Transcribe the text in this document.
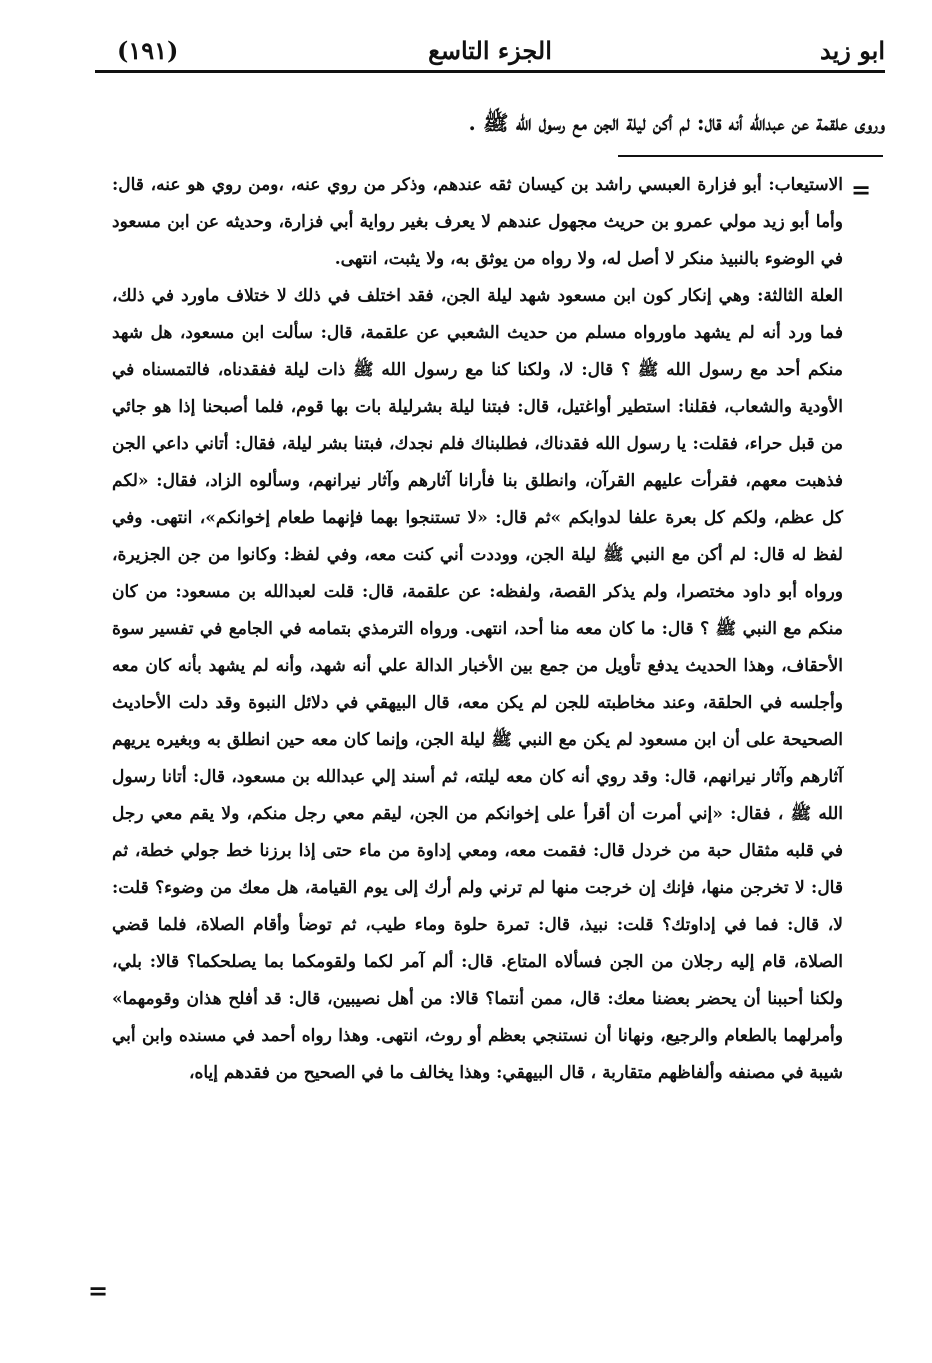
ابو زيد
الجزء التاسع
(١٩١)
وروى علقمة عن عبدالله أنه قال: لم أكن ليلة الجن مع رسول الله ﷺ .
=

الاستيعاب: أبو فزارة العبسي راشد بن كيسان ثقه عندهم، وذكر من روي عنه، ،ومن روي هو عنه، قال: وأما أبو زيد مولي عمرو بن حريث مجهول عندهم لا يعرف بغير رواية أبي فزارة، وحديثه عن ابن مسعود في الوضوء بالنبيذ منكر لا أصل له، ولا رواه من يوثق به، ولا يثبت، انتهى.

العلة الثالثة: وهي إنكار كون ابن مسعود شهد ليلة الجن، فقد اختلف في ذلك لا ختلاف ماورد في ذلك، فما ورد أنه لم يشهد ماورواه مسلم من حديث الشعبي عن علقمة، قال: سألت ابن مسعود، هل شهد منكم أحد مع رسول الله ﷺ ؟ قال: لا، ولكنا كنا مع رسول الله ﷺ ذات ليلة ففقدناه، فالتمسناه في الأودية والشعاب، فقلنا: استطير أواغتيل، قال: فبتنا ليلة بشرليلة بات بها قوم، فلما أصبحنا إذا هو جائي من قبل حراء، فقلت: يا رسول الله فقدناك، فطلبناك فلم نجدك، فبتنا بشر ليلة، فقال: أتاني داعي الجن فذهبت معهم، فقرأت عليهم القرآن، وانطلق بنا فأرانا آثارهم وآثار نيرانهم، وسألوه الزاد، فقال: «لكم كل عظم، ولكم كل بعرة علفا لدوابكم »ثم قال: «لا تستنجوا بهما فإنهما طعام إخوانكم»، انتهى. وفي لفظ له قال: لم أكن مع النبي ﷺ ليلة الجن، ووددت أني كنت معه، وفي لفظ: وكانوا من جن الجزيرة، ورواه أبو داود مختصرا، ولم يذكر القصة، ولفظه: عن علقمة، قال: قلت لعبدالله بن مسعود: من كان منكم مع النبي ﷺ ؟ قال: ما كان معه منا أحد، انتهى. ورواه الترمذي بتمامه في الجامع في تفسير سوة الأحقاف، وهذا الحديث يدفع تأويل من جمع بين الأخبار الدالة علي أنه شهد، وأنه لم يشهد بأنه كان معه وأجلسه في الحلقة، وعند مخاطبته للجن لم يكن معه، قال البيهقي في دلائل النبوة وقد دلت الأحاديث الصحيحة على أن ابن مسعود لم يكن مع النبي ﷺ ليلة الجن، وإنما كان معه حين انطلق به وبغيره يريهم آثارهم وآثار نيرانهم، قال: وقد روي أنه كان معه ليلته، ثم أسند إلي عبدالله بن مسعود، قال: أتانا رسول الله ﷺ ، فقال: «إني أمرت أن أقرأ على إخوانكم من الجن، ليقم معي رجل منكم، ولا يقم معي رجل في قلبه مثقال حبة من خردل قال: فقمت معه، ومعي إداوة من ماء حتى إذا برزنا خط جولي خطة، ثم قال: لا تخرجن منها، فإنك إن خرجت منها لم ترني ولم أرك إلى يوم القيامة، هل معك من وضوء؟ قلت: لا، قال: فما في إداوتك؟ قلت: نبيذ، قال: تمرة حلوة وماء طيب، ثم توضأ وأقام الصلاة، فلما قضي الصلاة، قام إليه رجلان من الجن فسألاه المتاع. قال: ألم آمر لكما ولقومكما بما يصلحكما؟ قالا: بلي، ولكنا أحببنا أن يحضر بعضنا معك: قال، ممن أنتما؟ قالا: من أهل نصيبين، قال: قد أفلح هذان وقومهما» وأمرلهما بالطعام والرجيع، ونهانا أن نستنجي بعظم أو روث، انتهى. وهذا رواه أحمد في مسنده وابن أبي شيبة في مصنفه وألفاظهم متقاربة ، قال البيهقي: وهذا يخالف ما في الصحيح من فقدهم إياه،

=
